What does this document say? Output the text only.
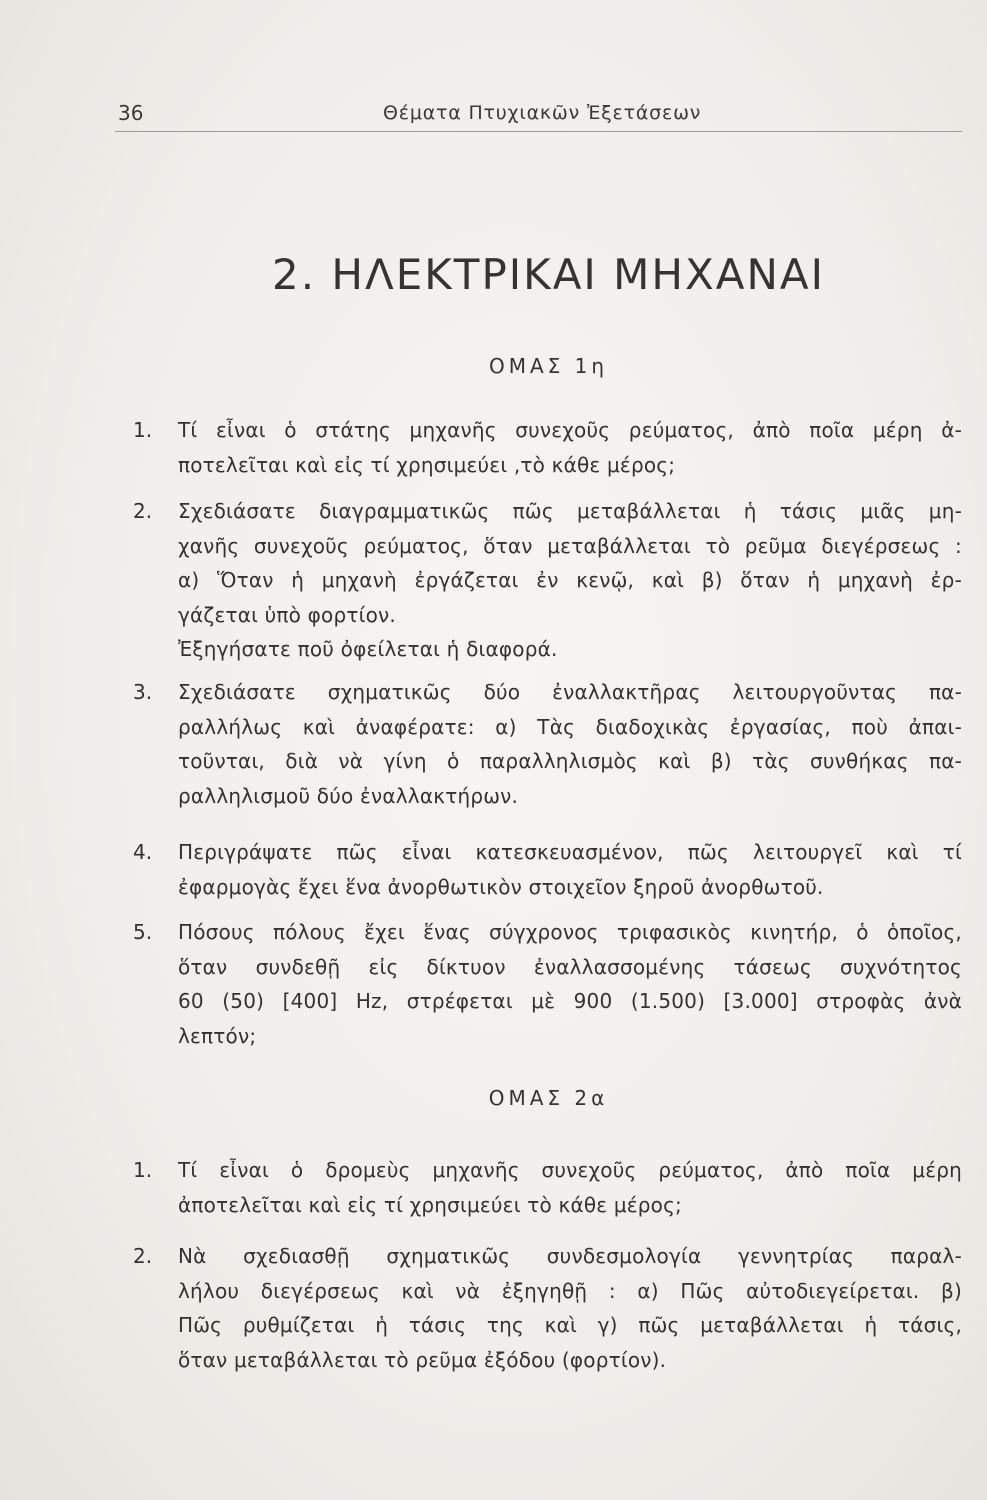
36	Θέματα Πτυχιακῶν Ἐξετάσεων
2. ΗΛΕΚΤΡΙΚΑΙ ΜΗΧΑΝΑΙ
ΟΜΑΣ 1η
1.	Τί εἶναι ὁ στάτης μηχανῆς συνεχοῦς ρεύματος, ἀπὸ ποῖα μέρη ἀ-
ποτελεῖται καὶ εἰς τί χρησιμεύει ,τὸ κάθε μέρος;
2.	Σχεδιάσατε διαγραμματικῶς πῶς μεταβάλλεται ἡ τάσις μιᾶς μη-
χανῆς συνεχοῦς ρεύματος, ὅταν μεταβάλλεται τὸ ρεῦμα διεγέρσεως :
α) Ὅταν ἡ μηχανὴ ἐργάζεται ἐν κενῷ, καὶ β) ὅταν ἡ μηχανὴ ἐρ-
γάζεται ὑπὸ φορτίον.
Ἐξηγήσατε ποῦ ὀφείλεται ἡ διαφορά.
3.	Σχεδιάσατε σχηματικῶς δύο ἐναλλακτῆρας λειτουργοῦντας πα-
ραλλήλως καὶ ἀναφέρατε: α) Τὰς διαδοχικὰς ἐργασίας, ποὺ ἀπαι-
τοῦνται, διὰ νὰ γίνη ὁ παραλληλισμὸς καὶ β) τὰς συνθήκας πα-
ραλληλισμοῦ δύο ἐναλλακτήρων.
4.	Περιγράψατε πῶς εἶναι κατεσκευασμένον, πῶς λειτουργεῖ καὶ τί
ἐφαρμογὰς ἔχει ἕνα ἀνορθωτικὸν στοιχεῖον ξηροῦ ἀνορθωτοῦ.
5.	Πόσους πόλους ἔχει ἕνας σύγχρονος τριφασικὸς κινητήρ, ὁ ὁποῖος,
ὅταν συνδεθῇ εἰς δίκτυον ἐναλλασσομένης τάσεως συχνότητος
60 (50) [400] Hz, στρέφεται μὲ 900 (1.500) [3.000] στροφὰς ἀνὰ
λεπτόν;
ΟΜΑΣ 2α
1.	Τί εἶναι ὁ δρομεὺς μηχανῆς συνεχοῦς ρεύματος, ἀπὸ ποῖα μέρη
ἀποτελεῖται καὶ εἰς τί χρησιμεύει τὸ κάθε μέρος;
2.	Νὰ σχεδιασθῇ σχηματικῶς συνδεσμολογία γεννητρίας παραλ-
λήλου διεγέρσεως καὶ νὰ ἐξηγηθῇ : α) Πῶς αὐτοδιεγείρεται. β)
Πῶς ρυθμίζεται ἡ τάσις της καὶ γ) πῶς μεταβάλλεται ἡ τάσις,
ὅταν μεταβάλλεται τὸ ρεῦμα ἐξόδου (φορτίον).
